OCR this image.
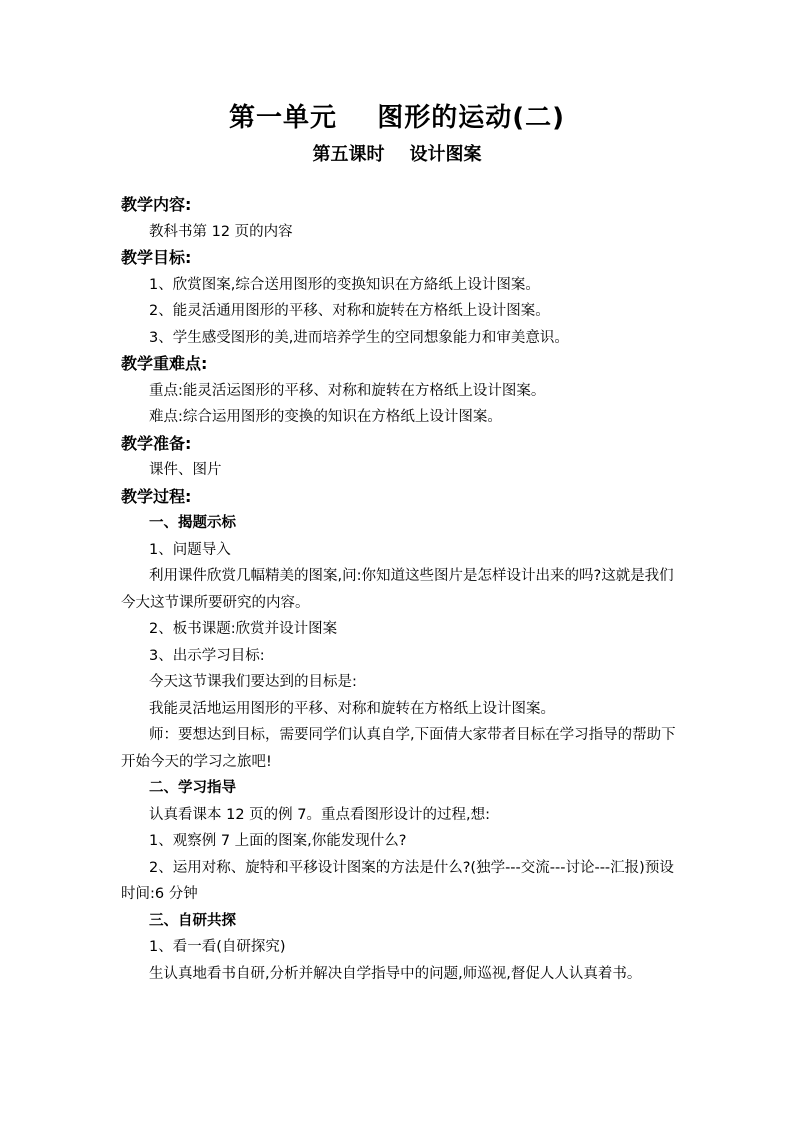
第一单元    图形的运动(二)
第五课时    设计图案
教学内容:
教科书第 12 页的内容
教学目标:
1、欣赏图案,综合送用图形的变换知识在方絡纸上设计图案。
2、能灵活通用图形的平移、对称和旋转在方格纸上设计图案。
3、学生感受图形的美,进而培养学生的空同想象能力和审美意识。
教学重难点:
重点:能灵活运图形的平移、对称和旋转在方格纸上设计图案。
难点:综合运用图形的变換的知识在方格纸上设计图案。
教学准备:
课件、图片
教学过程:
一、揭题示标
1、问题导入
利用课件欣赏几幅精美的图案,问:你知道这些图片是怎样设计出来的吗?这就是我们今大这节课所要研究的内容。
2、板书课题:欣赏并设计图案
3、出示学习目标:
今天这节课我们要达到的目标是:
我能灵活地运用图形的平移、对称和旋转在方格纸上设计图案。
师：要想达到目标，需要同学们认真自学,下面倩大家带者目标在学习指导的帮助下开始今天的学习之旅吧!
二、学习指导
认真看课本 12 页的例 7。重点看图形设计的过程,想:
1、观察例 7 上面的图案,你能发现什么?
2、运用对称、旋特和平移设计图案的方法是什么?(独学---交流---讨论---汇报)预设时间:6 分钟
三、自研共探
1、看一看(自研探究)
生认真地看书自研,分析并解决自学指导中的问题,师巡视,督促人人认真着书。
